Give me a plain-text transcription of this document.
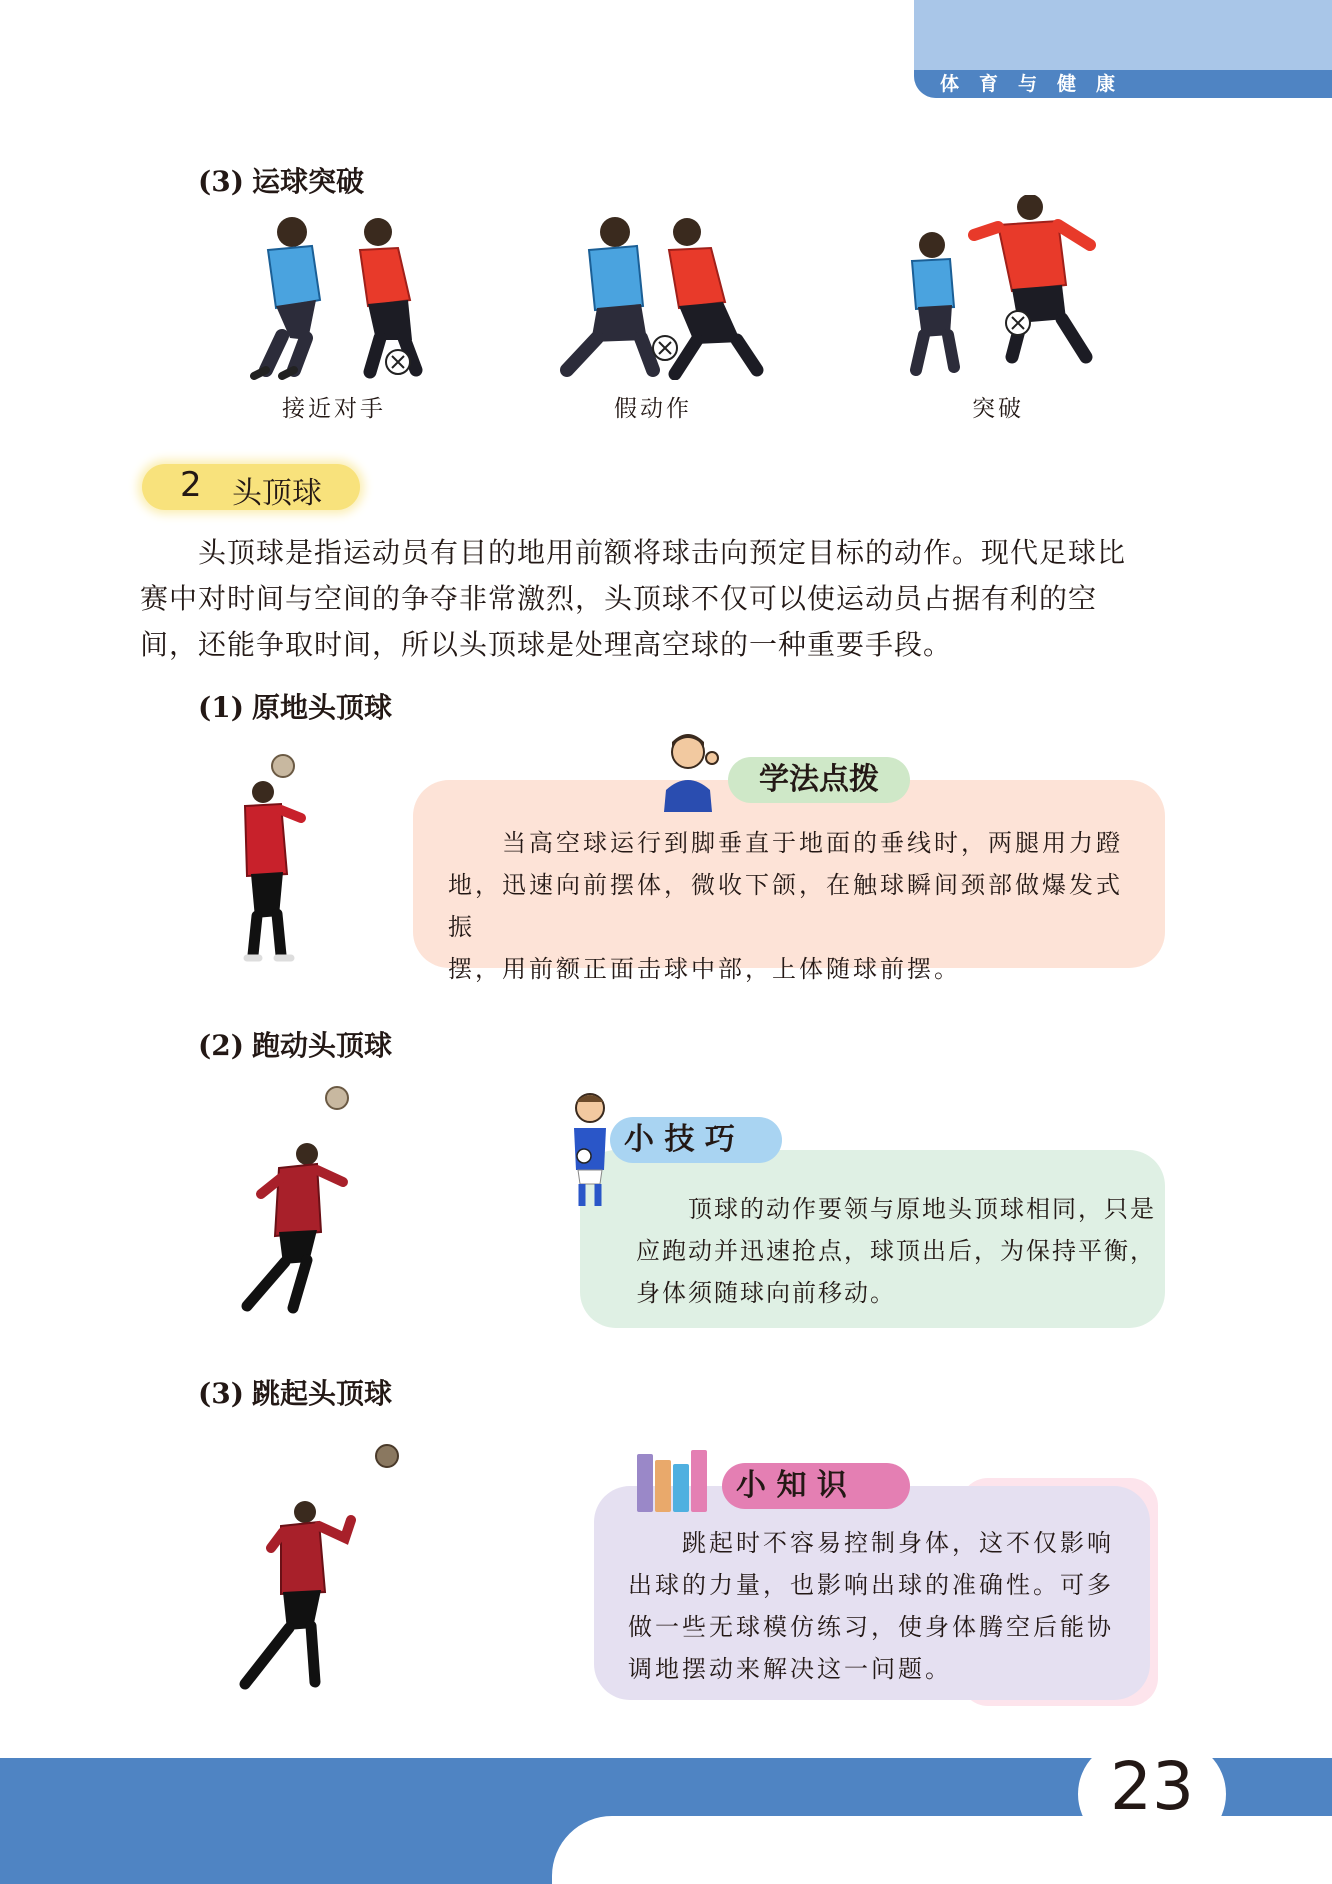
体育与健康
(3) 运球突破
接近对手	假动作	突破
2 头顶球
　　头顶球是指运动员有目的地用前额将球击向预定目标的动作。现代足球比
赛中对时间与空间的争夺非常激烈，头顶球不仅可以使运动员占据有利的空
间，还能争取时间，所以头顶球是处理高空球的一种重要手段。
(1) 原地头顶球
学法点拨
　　当高空球运行到脚垂直于地面的垂线时，两腿用力蹬
地，迅速向前摆体，微收下颌，在触球瞬间颈部做爆发式振
摆，用前额正面击球中部，上体随球前摆。
(2) 跑动头顶球
小 技 巧
　　顶球的动作要领与原地头顶球相同，只是
应跑动并迅速抢点，球顶出后，为保持平衡，
身体须随球向前移动。
(3) 跳起头顶球
小 知 识
　　跳起时不容易控制身体，这不仅影响
出球的力量，也影响出球的准确性。可多
做一些无球模仿练习，使身体腾空后能协
调地摆动来解决这一问题。
23
